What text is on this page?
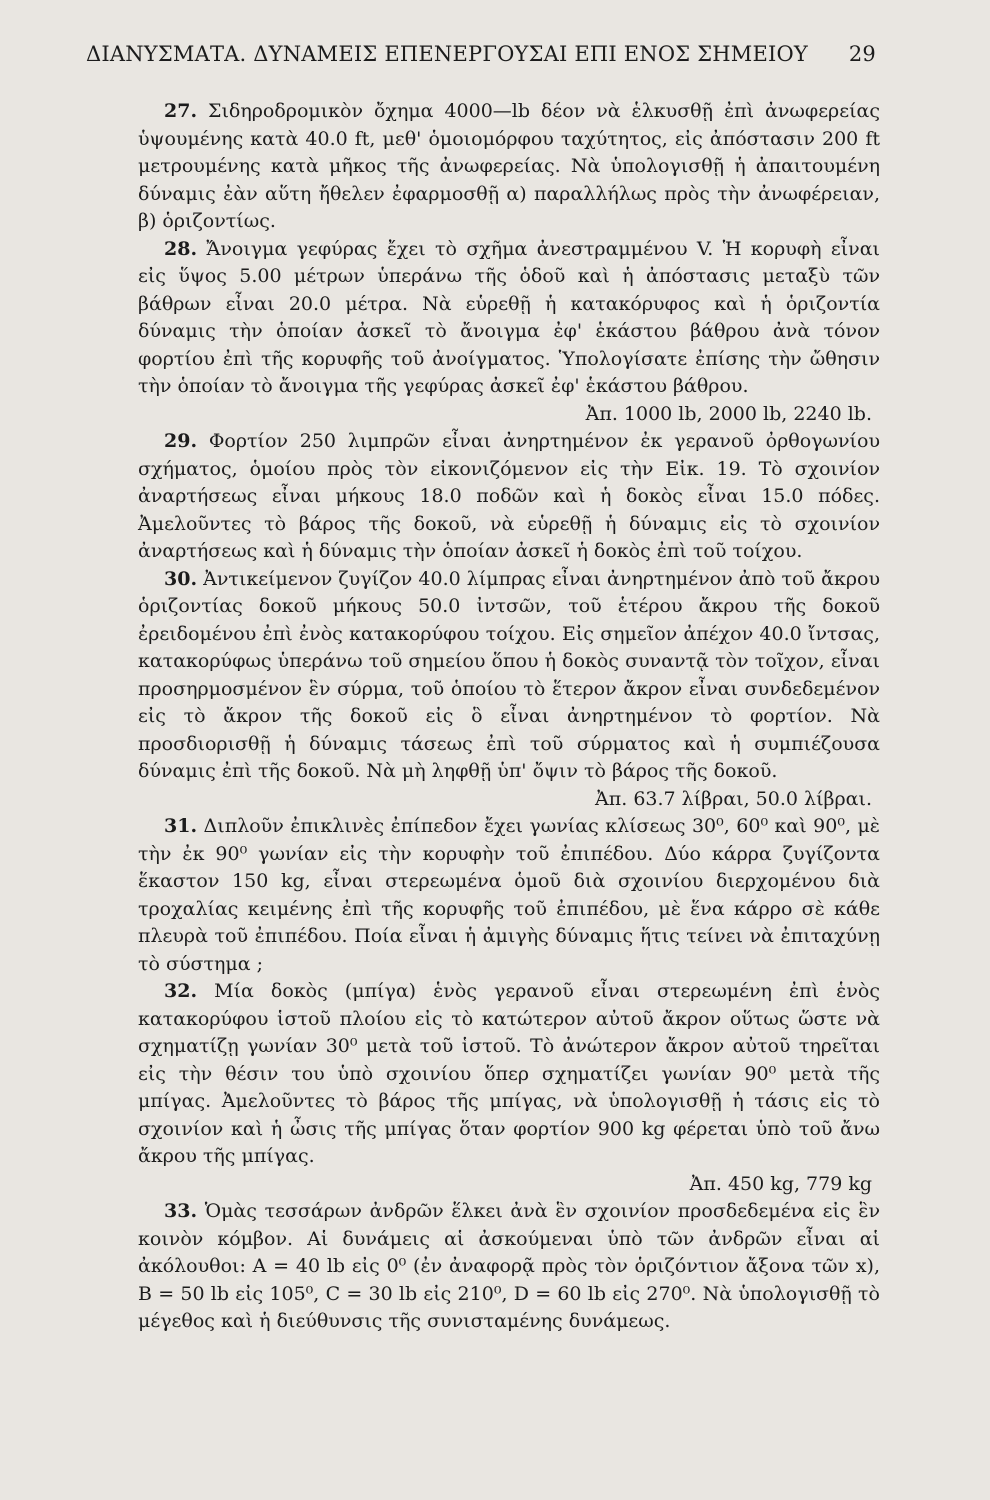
ΔΙΑΝΥΣΜΑΤΑ. ΔΥΝΑΜΕΙΣ ΕΠΕΝΕΡΓΟΥΣΑΙ ΕΠΙ ΕΝΟΣ ΣΗΜΕΙΟΥ 29

27. Σιδηροδρομικὸν ὄχημα 4000—lb δέον νὰ ἑλκυσθῇ ἐπὶ ἀνωφερείας ὑψουμένης κατὰ 40.0 ft, μεθ' ὁμοιομόρφου ταχύτητος, εἰς ἀπόστασιν 200 ft μετρουμένης κατὰ μῆκος τῆς ἀνωφερείας. Νὰ ὑπολογισθῇ ἡ ἀπαιτουμένη δύναμις ἐὰν αὕτη ἤθελεν ἐφαρμοσθῇ α) παραλλήλως πρὸς τὴν ἀνωφέρειαν, β) ὁριζοντίως.

28. Ἄνοιγμα γεφύρας ἔχει τὸ σχῆμα ἀνεστραμμένου V. Ἡ κορυφὴ εἶναι εἰς ὕψος 5.00 μέτρων ὑπεράνω τῆς ὁδοῦ καὶ ἡ ἀπόστασις μεταξὺ τῶν βάθρων εἶναι 20.0 μέτρα. Νὰ εὑρεθῇ ἡ κατακόρυφος καὶ ἡ ὁριζοντία δύναμις τὴν ὁποίαν ἀσκεῖ τὸ ἄνοιγμα ἐφ' ἑκάστου βάθρου ἀνὰ τόνον φορτίου ἐπὶ τῆς κορυφῆς τοῦ ἀνοίγματος. Ὑπολογίσατε ἐπίσης τὴν ὤθησιν τὴν ὁποίαν τὸ ἄνοιγμα τῆς γεφύρας ἀσκεῖ ἐφ' ἑκάστου βάθρου.
Ἀπ. 1000 lb, 2000 lb, 2240 lb.

29. Φορτίον 250 λιμπρῶν εἶναι ἀνηρτημένον ἐκ γερανοῦ ὀρθογωνίου σχήματος, ὁμοίου πρὸς τὸν εἰκονιζόμενον εἰς τὴν Εἰκ. 19. Τὸ σχοινίον ἀναρτήσεως εἶναι μήκους 18.0 ποδῶν καὶ ἡ δοκὸς εἶναι 15.0 πόδες. Ἀμελοῦντες τὸ βάρος τῆς δοκοῦ, νὰ εὑρεθῇ ἡ δύναμις εἰς τὸ σχοινίον ἀναρτήσεως καὶ ἡ δύναμις τὴν ὁποίαν ἀσκεῖ ἡ δοκὸς ἐπὶ τοῦ τοίχου.

30. Ἀντικείμενον ζυγίζον 40.0 λίμπρας εἶναι ἀνηρτημένον ἀπὸ τοῦ ἄκρου ὁριζοντίας δοκοῦ μήκους 50.0 ἰντσῶν, τοῦ ἑτέρου ἄκρου τῆς δοκοῦ ἐρειδομένου ἐπὶ ἐνὸς κατακορύφου τοίχου. Εἰς σημεῖον ἀπέχον 40.0 ἴντσας, κατακορύφως ὑπεράνω τοῦ σημείου ὅπου ἡ δοκὸς συναντᾷ τὸν τοῖχον, εἶναι προσηρμοσμένον ἓν σύρμα, τοῦ ὁποίου τὸ ἕτερον ἄκρον εἶναι συνδεδεμένον εἰς τὸ ἄκρον τῆς δοκοῦ εἰς ὃ εἶναι ἀνηρτημένον τὸ φορτίον. Νὰ προσδιορισθῇ ἡ δύναμις τάσεως ἐπὶ τοῦ σύρματος καὶ ἡ συμπιέζουσα δύναμις ἐπὶ τῆς δοκοῦ. Νὰ μὴ ληφθῇ ὑπ' ὄψιν τὸ βάρος τῆς δοκοῦ.
Ἀπ. 63.7 λίβραι, 50.0 λίβραι.

31. Διπλοῦν ἐπικλινὲς ἐπίπεδον ἔχει γωνίας κλίσεως 30⁰, 60⁰ καὶ 90⁰, μὲ τὴν ἐκ 90⁰ γωνίαν εἰς τὴν κορυφὴν τοῦ ἐπιπέδου. Δύο κάρρα ζυγίζοντα ἕκαστον 150 kg, εἶναι στερεωμένα ὁμοῦ διὰ σχοινίου διερχομένου διὰ τροχαλίας κειμένης ἐπὶ τῆς κορυφῆς τοῦ ἐπιπέδου, μὲ ἕνα κάρρο σὲ κάθε πλευρὰ τοῦ ἐπιπέδου. Ποία εἶναι ἡ ἀμιγὴς δύναμις ἥτις τείνει νὰ ἐπιταχύνῃ τὸ σύστημα ;

32. Μία δοκὸς (μπίγα) ἑνὸς γερανοῦ εἶναι στερεωμένη ἐπὶ ἑνὸς κατακορύφου ἱστοῦ πλοίου εἰς τὸ κατώτερον αὐτοῦ ἄκρον οὕτως ὥστε νὰ σχηματίζῃ γωνίαν 30⁰ μετὰ τοῦ ἱστοῦ. Τὸ ἀνώτερον ἄκρον αὐτοῦ τηρεῖται εἰς τὴν θέσιν του ὑπὸ σχοινίου ὅπερ σχηματίζει γωνίαν 90⁰ μετὰ τῆς μπίγας. Ἀμελοῦντες τὸ βάρος τῆς μπίγας, νὰ ὑπολογισθῇ ἡ τάσις εἰς τὸ σχοινίον καὶ ἡ ὦσις τῆς μπίγας ὅταν φορτίον 900 kg φέρεται ὑπὸ τοῦ ἄνω ἄκρου τῆς μπίγας.
Ἀπ. 450 kg, 779 kg

33. Ὁμὰς τεσσάρων ἀνδρῶν ἕλκει ἀνὰ ἓν σχοινίον προσδεδεμένα εἰς ἓν κοινὸν κόμβον. Αἱ δυνάμεις αἱ ἀσκούμεναι ὑπὸ τῶν ἀνδρῶν εἶναι αἱ ἀκόλουθοι: A = 40 lb εἰς 0⁰ (ἐν ἀναφορᾷ πρὸς τὸν ὁριζόντιον ἄξονα τῶν x), B = 50 lb εἰς 105⁰, C = 30 lb εἰς 210⁰, D = 60 lb εἰς 270⁰. Νὰ ὑπολογισθῇ τὸ μέγεθος καὶ ἡ διεύθυνσις τῆς συνισταμένης δυνάμεως.
